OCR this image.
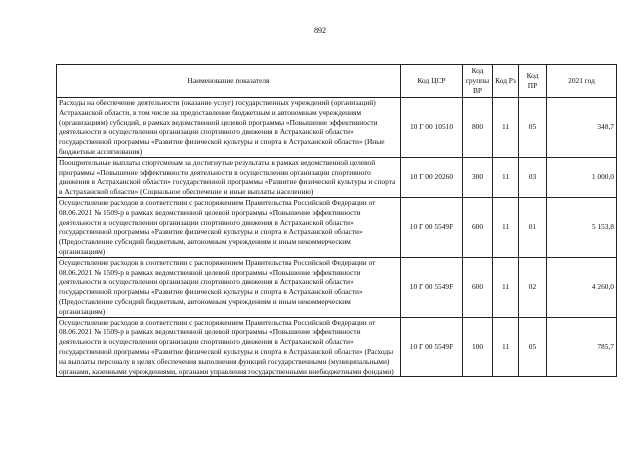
892
Наименование показателя	Код ЦСР	Код группы ВР	Код Рз	Код ПР	2021 год
Расходы на обеспечение деятельности (оказание услуг) государственных учреждений (организаций) Астраханской области, в том числе на предоставление бюджетным и автономным учреждениям (организациям) субсидий, в рамках ведомственной целевой программы «Повышение эффективности деятельности в осуществлении организации спортивного движения в Астраханской области» государственной программы «Развитие физической культуры и спорта в Астраханской области» (Иные бюджетные ассигнования)	10 Г 00 10510	800	11	05	348,7
Поощрительные выплаты спортсменам за достигнутые результаты в рамках ведомственной целевой программы «Повышение эффективности деятельности в осуществлении организации спортивного движения в Астраханской области» государственной программы «Развитие физической культуры и спорта в Астраханской области» (Социальное обеспечение и иные выплаты населению)	10 Г 00 20260	300	11	03	1 000,0
Осуществление расходов в соответствии с распоряжением Правительства Российской Федерации от 08.06.2021 № 1509-р в рамках ведомственной целевой программы «Повышение эффективности деятельности в осуществлении организации спортивного движения в Астраханской области» государственной программы «Развитие физической культуры и спорта в Астраханской области» (Предоставление субсидий бюджетным, автономным учреждениям и иным некоммерческим организациям)	10 Г 00 5549F	600	11	01	5 153,8
Осуществление расходов в соответствии с распоряжением Правительства Российской Федерации от 08.06.2021 № 1509-р в рамках ведомственной целевой программы «Повышение эффективности деятельности в осуществлении организации спортивного движения в Астраханской области» государственной программы «Развитие физической культуры и спорта в Астраханской области» (Предоставление субсидий бюджетным, автономным учреждениям и иным некоммерческим организациям)	10 Г 00 5549F	600	11	02	4 260,0
Осуществление расходов в соответствии с распоряжением Правительства Российской Федерации от 08.06.2021 № 1509-р в рамках ведомственной целевой программы «Повышение эффективности деятельности в осуществлении организации спортивного движения в Астраханской области» государственной программы «Развитие физической культуры и спорта в Астраханской области» (Расходы на выплаты персоналу в целях обеспечения выполнения функций государственными (муниципальными) органами, казенными учреждениями, органами управления государственными внебюджетными фондами)	10 Г 00 5549F	100	11	05	785,7
